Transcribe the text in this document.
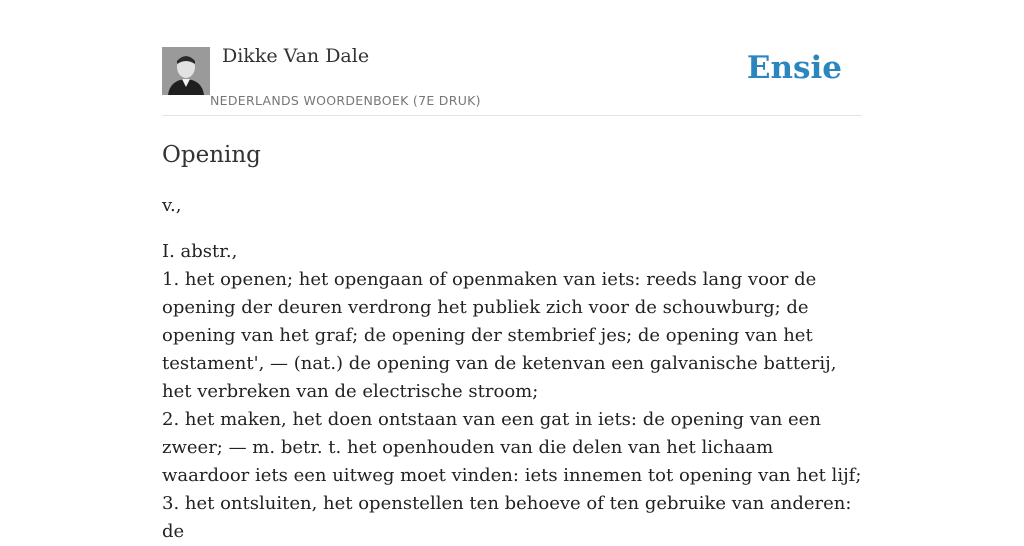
Dikke Van Dale
NEDERLANDS WOORDENBOEK (7E DRUK)
Ensie
Opening
v.,
I. abstr.,
1. het openen; het opengaan of openmaken van iets: reeds lang voor de opening der deuren verdrong het publiek zich voor de schouwburg; de opening van het graf; de opening der stembrief jes; de opening van het testament', — (nat.) de opening van de ketenvan een galvanische batterij, het verbreken van de electrische stroom;
2. het maken, het doen ontstaan van een gat in iets: de opening van een zweer; — m. betr. t. het openhouden van die delen van het lichaam waardoor iets een uitweg moet vinden: iets innemen tot opening van het lijf;
3. het ontsluiten, het openstellen ten behoeve of ten gebruike van anderen: de
